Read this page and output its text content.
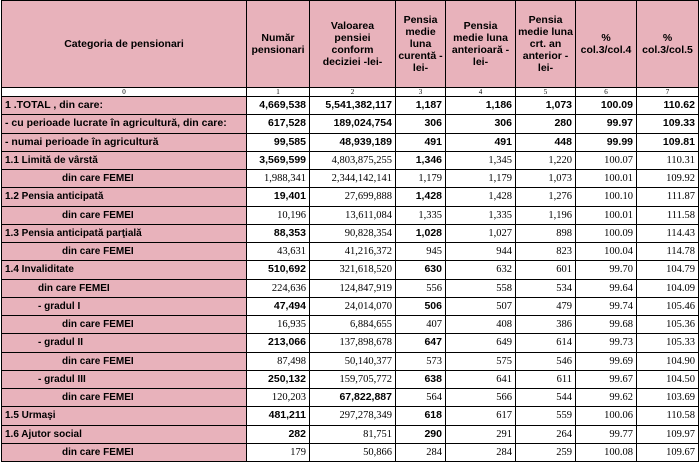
Categoria de pensionari	Număr pensionari	Valoarea pensiei conform deciziei -lei-	Pensia medie luna curentă -lei-	Pensia medie luna anterioară - lei-	Pensia medie luna crt. an anterior -lei-	% col.3/col.4	% col.3/col.5
0	1	2	3	4	5	6	7
1 .TOTAL , din care:	4,669,538	5,541,382,117	1,187	1,186	1,073	100.09	110.62
- cu perioade lucrate în agricultură, din care:	617,528	189,024,754	306	306	280	99.97	109.33
- numai perioade în agricultură	99,585	48,939,189	491	491	448	99.99	109.81
1.1 Limită de vârstă	3,569,599	4,803,875,255	1,346	1,345	1,220	100.07	110.31
din care FEMEI	1,988,341	2,344,142,141	1,179	1,179	1,073	100.01	109.92
1.2 Pensia anticipată	19,401	27,699,888	1,428	1,428	1,276	100.10	111.87
din care FEMEI	10,196	13,611,084	1,335	1,335	1,196	100.01	111.58
1.3 Pensia anticipată parţială	88,353	90,828,354	1,028	1,027	898	100.09	114.43
din care FEMEI	43,631	41,216,372	945	944	823	100.04	114.78
1.4 Invaliditate	510,692	321,618,520	630	632	601	99.70	104.79
din care FEMEI	224,636	124,847,919	556	558	534	99.64	104.09
- gradul I	47,494	24,014,070	506	507	479	99.74	105.46
din care FEMEI	16,935	6,884,655	407	408	386	99.68	105.36
- gradul II	213,066	137,898,678	647	649	614	99.73	105.33
din care FEMEI	87,498	50,140,377	573	575	546	99.69	104.90
- gradul III	250,132	159,705,772	638	641	611	99.67	104.50
din care FEMEI	120,203	67,822,887	564	566	544	99.62	103.69
1.5 Urmaşi	481,211	297,278,349	618	617	559	100.06	110.58
1.6 Ajutor social	282	81,751	290	291	264	99.77	109.97
din care FEMEI	179	50,866	284	284	259	100.08	109.67
